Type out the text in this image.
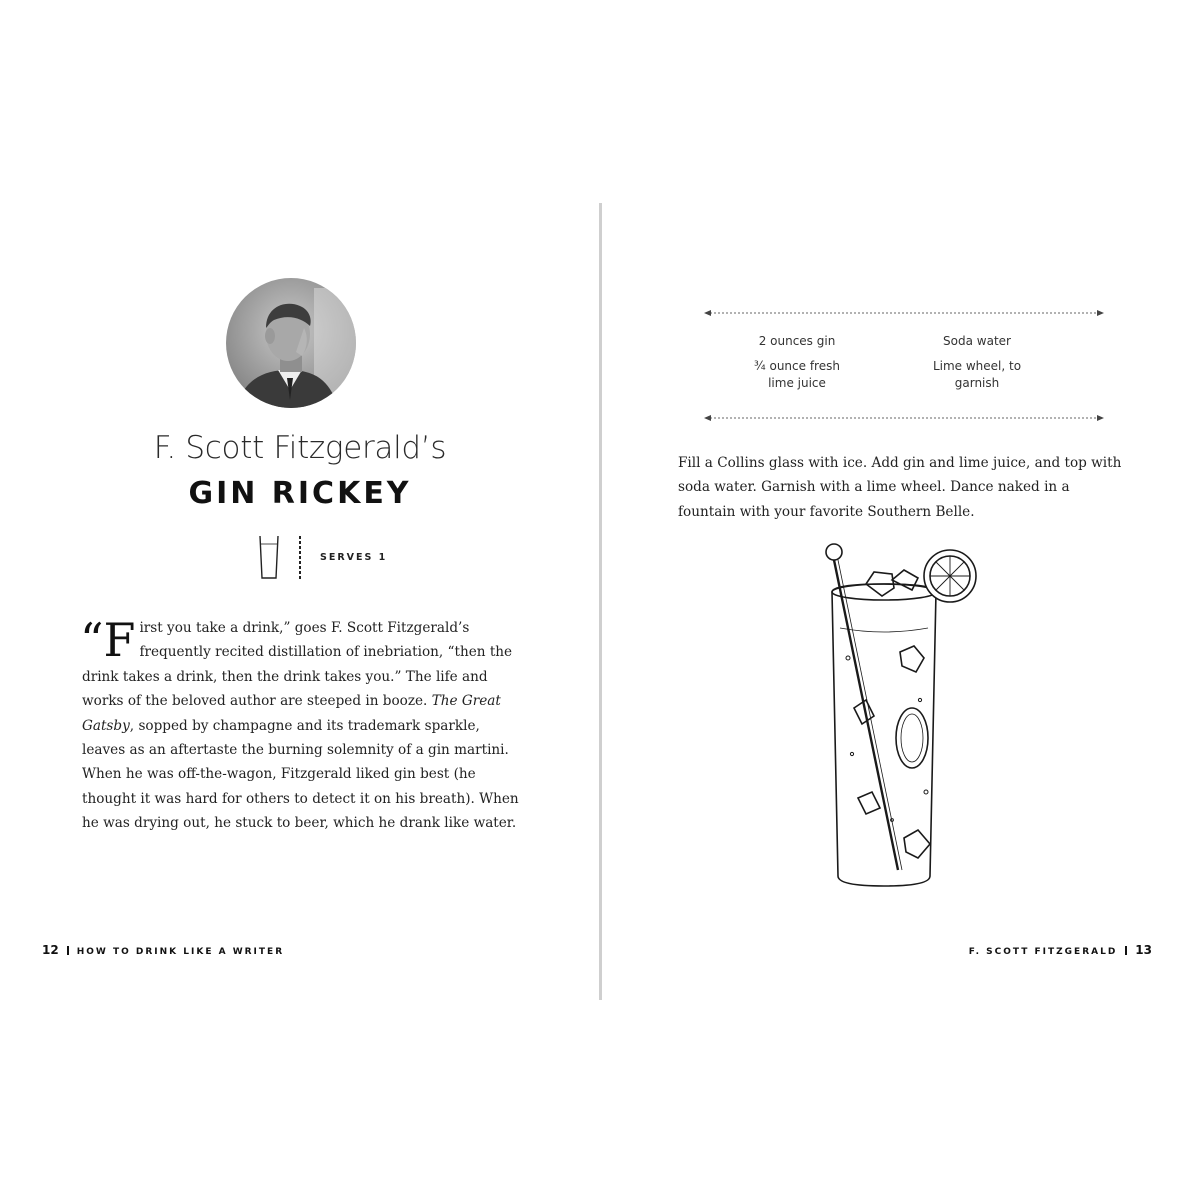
F. Scott Fitzgerald’s
GIN RICKEY
SERVES 1
“First you take a drink,” goes F. Scott Fitzgerald’s frequently recited distillation of inebriation, “then the drink takes a drink, then the drink takes you.” The life and works of the beloved author are steeped in booze. The Great Gatsby, sopped by champagne and its trademark sparkle, leaves as an aftertaste the burning solemnity of a gin martini. When he was off-the-wagon, Fitzgerald liked gin best (he thought it was hard for others to detect it on his breath). When he was drying out, he stuck to beer, which he drank like water.
12 HOW TO DRINK LIKE A WRITER
2 ounces gin
¾ ounce fresh lime juice
Soda water
Lime wheel, to garnish
Fill a Collins glass with ice. Add gin and lime juice, and top with soda water. Garnish with a lime wheel. Dance naked in a fountain with your favorite Southern Belle.
F. SCOTT FITZGERALD 13
